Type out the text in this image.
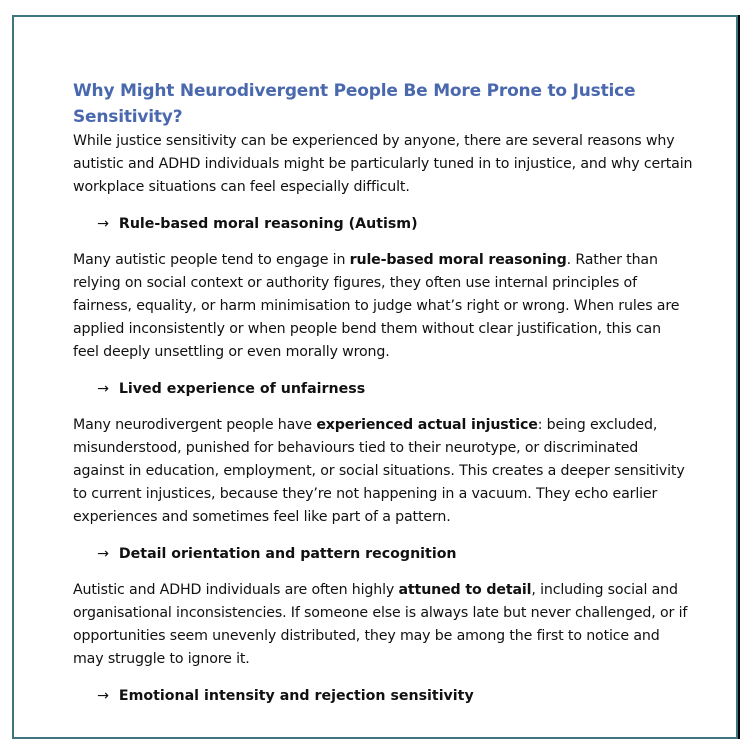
Why Might Neurodivergent People Be More Prone to Justice
Sensitivity?
While justice sensitivity can be experienced by anyone, there are several reasons why
autistic and ADHD individuals might be particularly tuned in to injustice, and why certain
workplace situations can feel especially difficult.
→ Rule-based moral reasoning (Autism)
Many autistic people tend to engage in rule-based moral reasoning. Rather than
relying on social context or authority figures, they often use internal principles of
fairness, equality, or harm minimisation to judge what’s right or wrong. When rules are
applied inconsistently or when people bend them without clear justification, this can
feel deeply unsettling or even morally wrong.
→ Lived experience of unfairness
Many neurodivergent people have experienced actual injustice: being excluded,
misunderstood, punished for behaviours tied to their neurotype, or discriminated
against in education, employment, or social situations. This creates a deeper sensitivity
to current injustices, because they’re not happening in a vacuum. They echo earlier
experiences and sometimes feel like part of a pattern.
→ Detail orientation and pattern recognition
Autistic and ADHD individuals are often highly attuned to detail, including social and
organisational inconsistencies. If someone else is always late but never challenged, or if
opportunities seem unevenly distributed, they may be among the first to notice and
may struggle to ignore it.
→ Emotional intensity and rejection sensitivity
